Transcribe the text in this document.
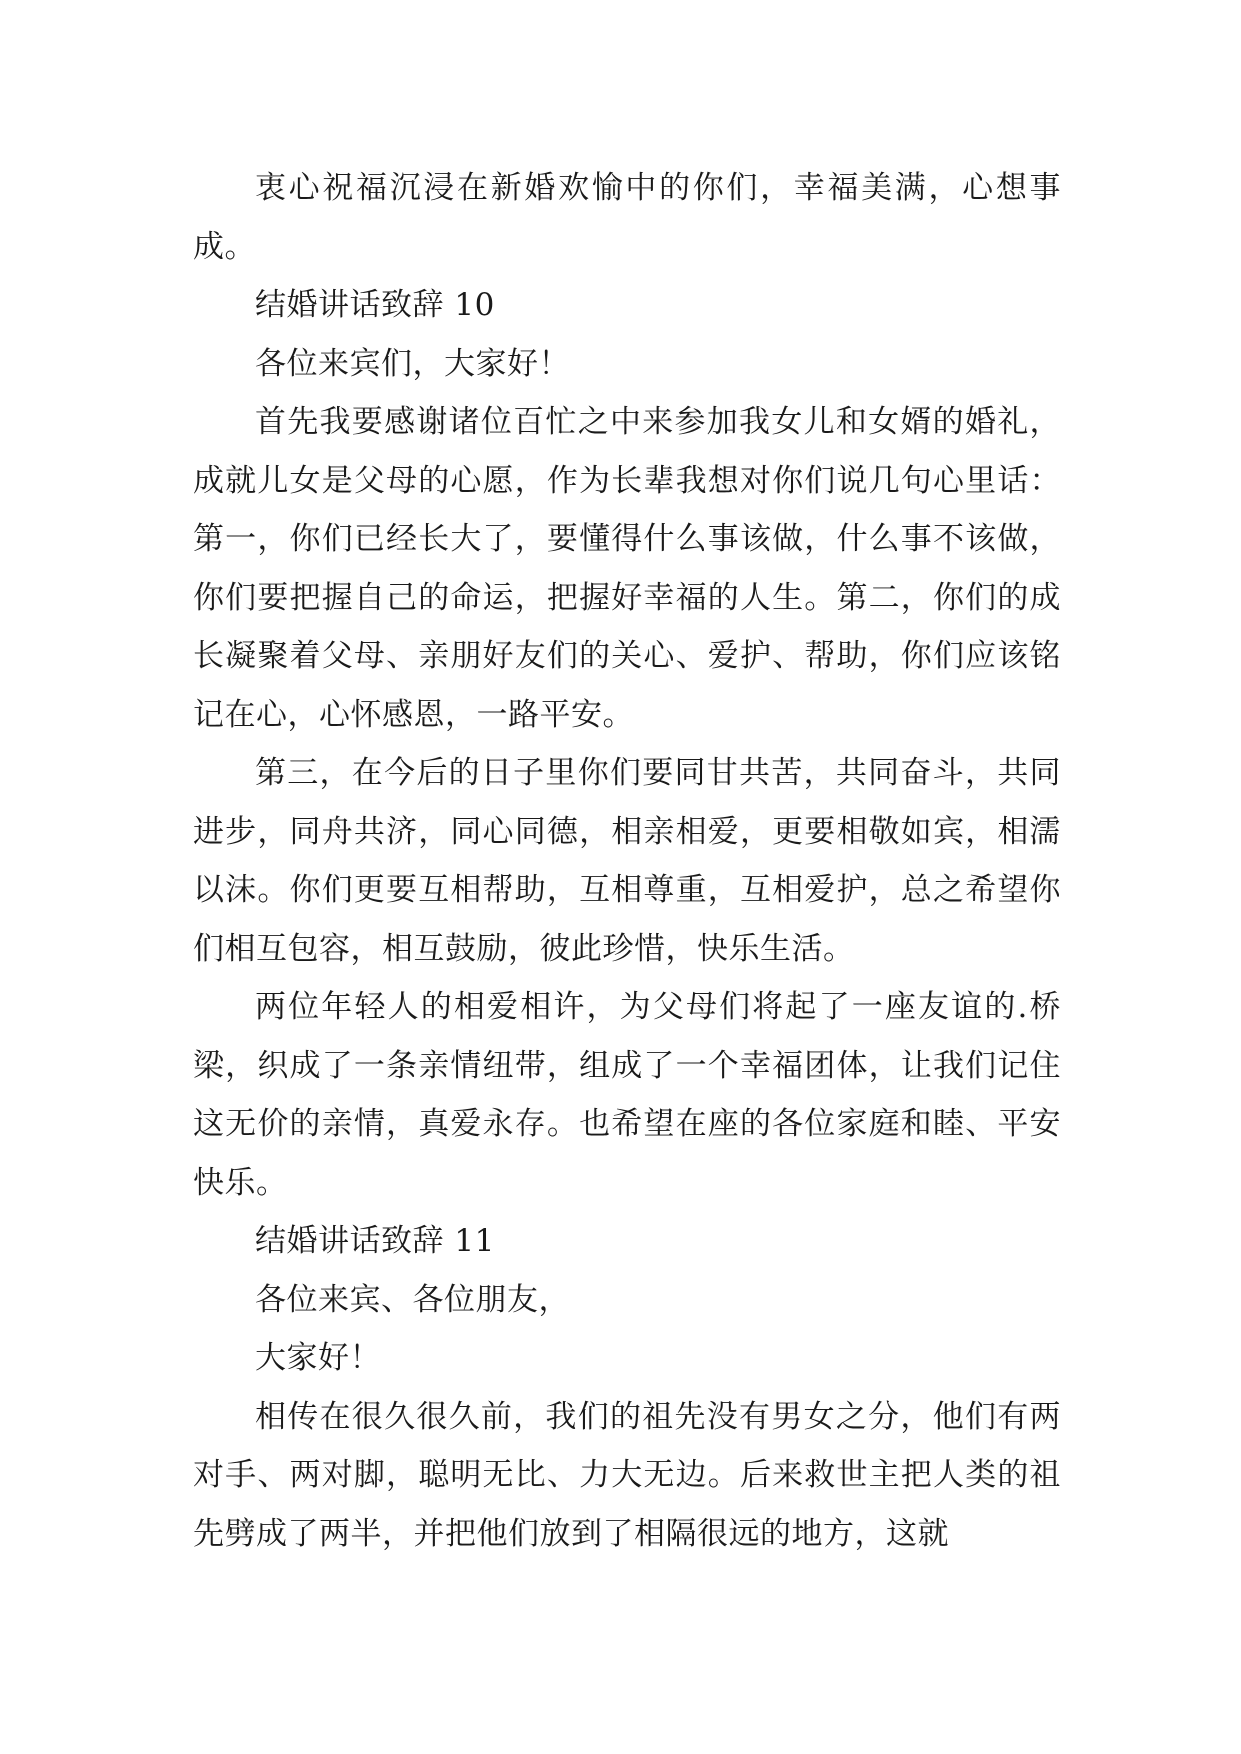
衷心祝福沉浸在新婚欢愉中的你们，幸福美满，心想事成。

结婚讲话致辞 10

各位来宾们，大家好！

首先我要感谢诸位百忙之中来参加我女儿和女婿的婚礼，成就儿女是父母的心愿，作为长辈我想对你们说几句心里话：第一，你们已经长大了，要懂得什么事该做，什么事不该做，你们要把握自己的命运，把握好幸福的人生。第二，你们的成长凝聚着父母、亲朋好友们的关心、爱护、帮助，你们应该铭记在心，心怀感恩，一路平安。

第三，在今后的日子里你们要同甘共苦，共同奋斗，共同进步，同舟共济，同心同德，相亲相爱，更要相敬如宾，相濡以沫。你们更要互相帮助，互相尊重，互相爱护，总之希望你们相互包容，相互鼓励，彼此珍惜，快乐生活。

两位年轻人的相爱相许，为父母们将起了一座友谊的.桥梁，织成了一条亲情纽带，组成了一个幸福团体，让我们记住这无价的亲情，真爱永存。也希望在座的各位家庭和睦、平安快乐。

结婚讲话致辞 11

各位来宾、各位朋友，

大家好！

相传在很久很久前，我们的祖先没有男女之分，他们有两对手、两对脚，聪明无比、力大无边。后来救世主把人类的祖先劈成了两半，并把他们放到了相隔很远的地方，这就
